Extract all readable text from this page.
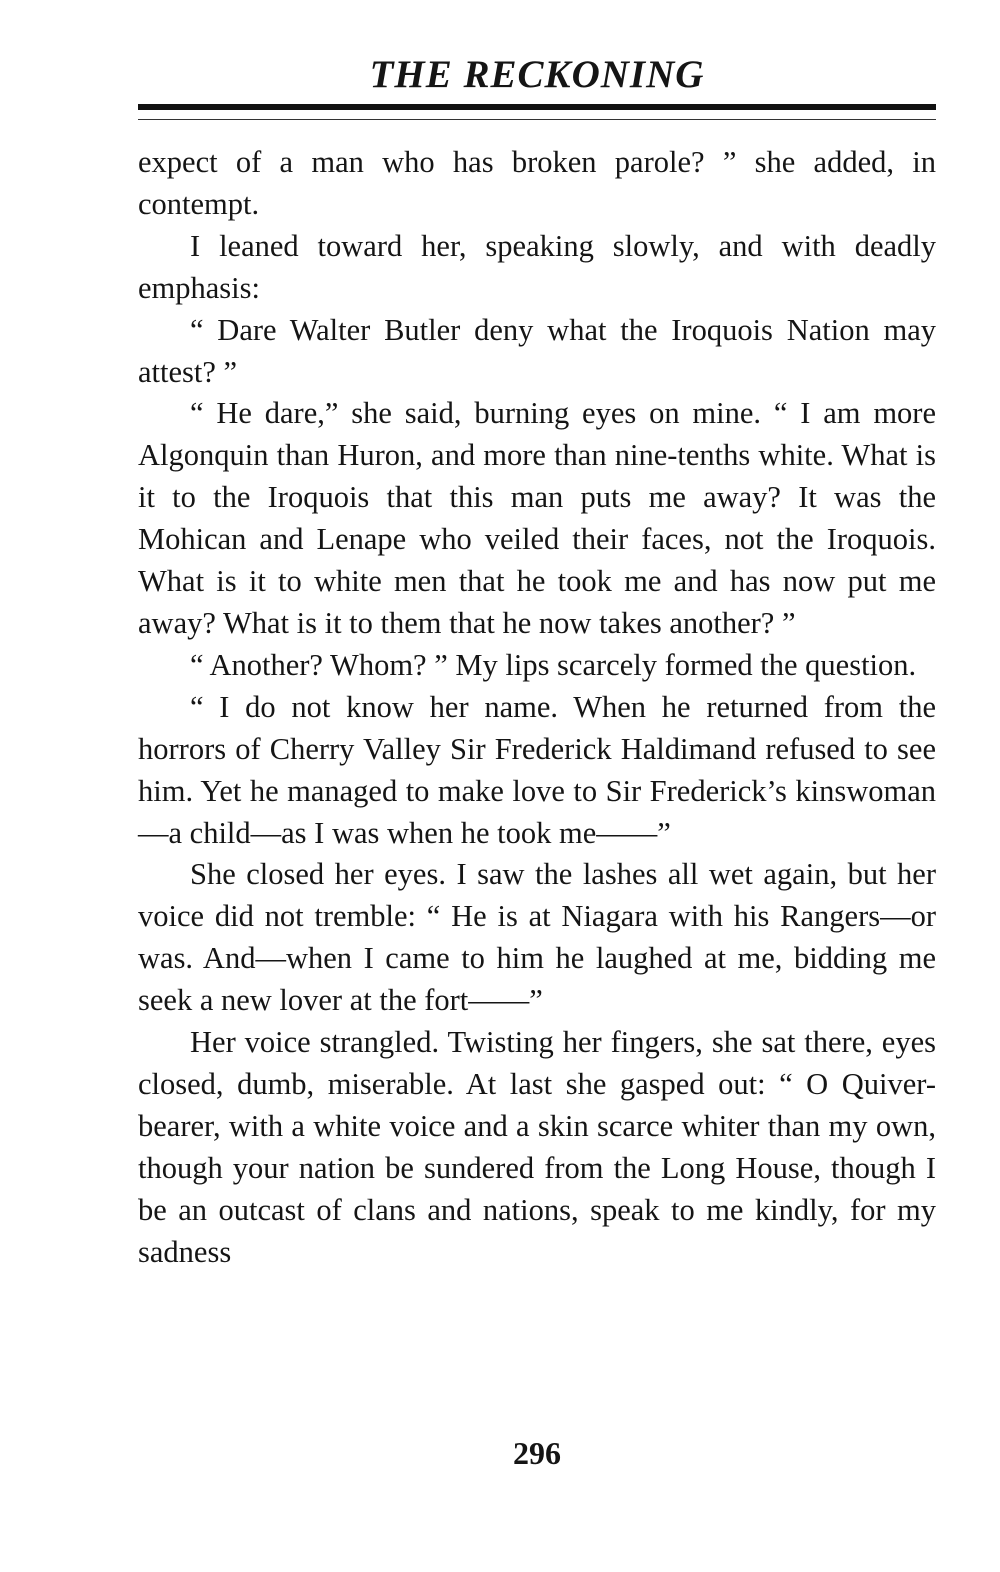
THE RECKONING

expect of a man who has broken parole? ” she added, in contempt.

I leaned toward her, speaking slowly, and with deadly emphasis:

“ Dare Walter Butler deny what the Iroquois Nation may attest? ”

“ He dare,” she said, burning eyes on mine. “ I am more Algonquin than Huron, and more than nine-tenths white. What is it to the Iroquois that this man puts me away? It was the Mohican and Lenape who veiled their faces, not the Iroquois. What is it to white men that he took me and has now put me away? What is it to them that he now takes another? ”

“ Another? Whom? ” My lips scarcely formed the question.

“ I do not know her name. When he returned from the horrors of Cherry Valley Sir Frederick Haldimand refused to see him. Yet he managed to make love to Sir Frederick’s kinswoman—a child—as I was when he took me——”

She closed her eyes. I saw the lashes all wet again, but her voice did not tremble: “ He is at Niagara with his Rangers—or was. And—when I came to him he laughed at me, bidding me seek a new lover at the fort——”

Her voice strangled. Twisting her fingers, she sat there, eyes closed, dumb, miserable. At last she gasped out: “ O Quiver-bearer, with a white voice and a skin scarce whiter than my own, though your nation be sundered from the Long House, though I be an outcast of clans and nations, speak to me kindly, for my sadness

296
